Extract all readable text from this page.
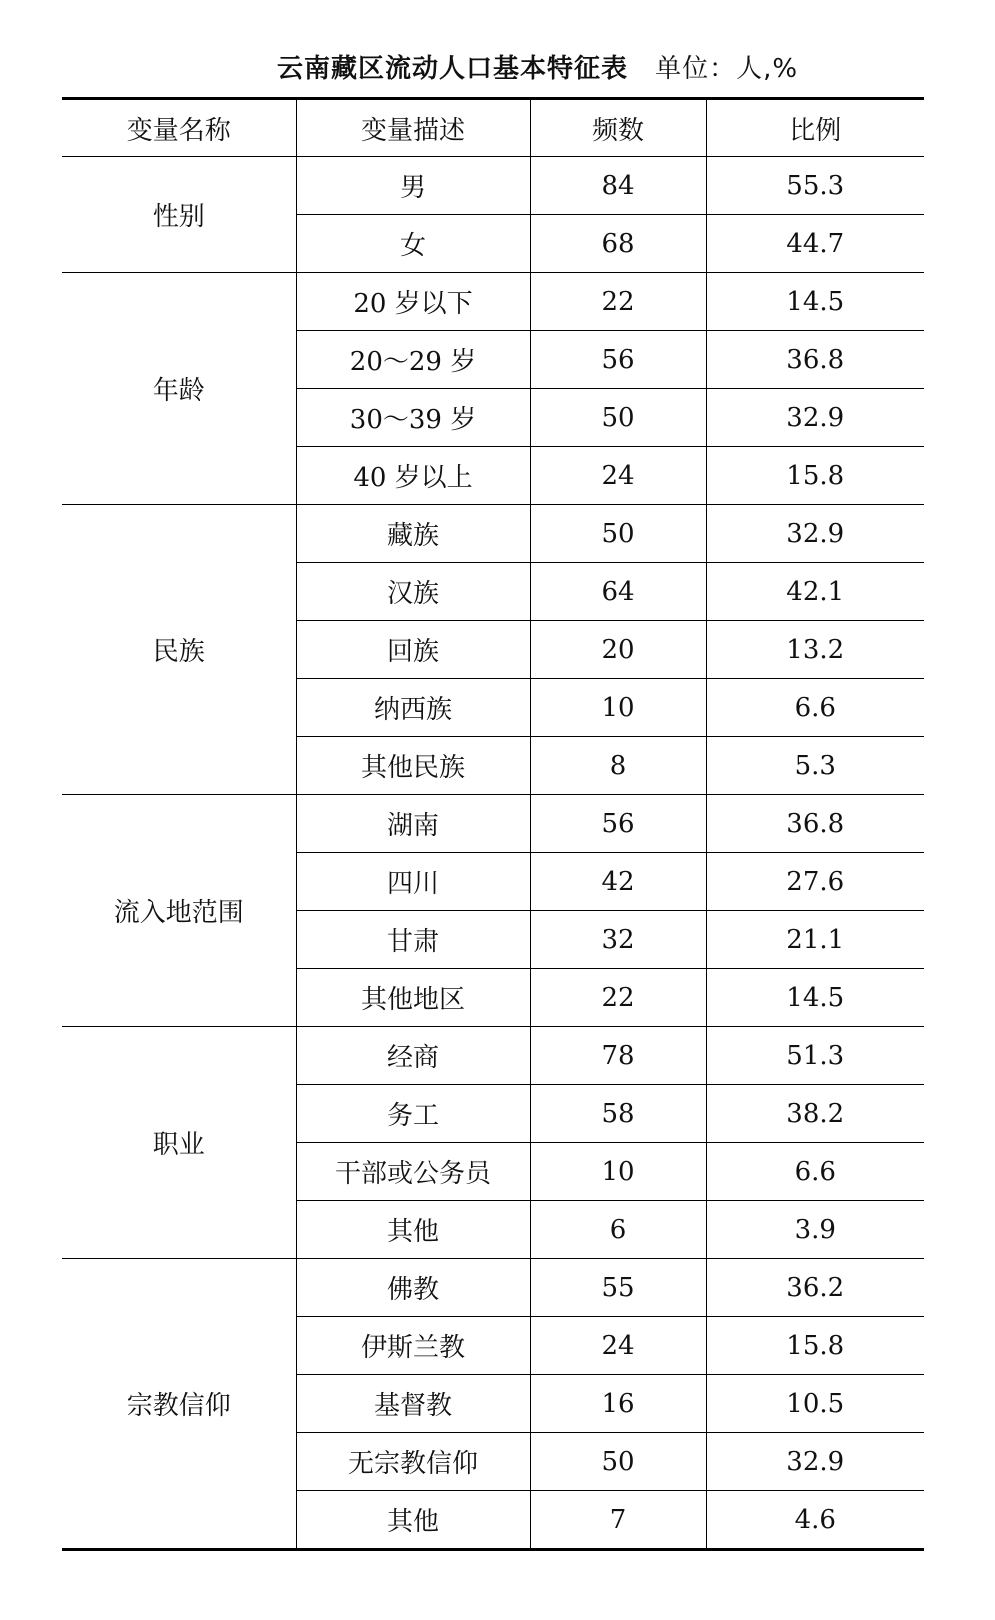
云南藏区流动人口基本特征表 单位：人,%
变量名称	变量描述	频数	比例
性别	男	84	55.3
	女	68	44.7
年龄	20 岁以下	22	14.5
	20～29 岁	56	36.8
	30～39 岁	50	32.9
	40 岁以上	24	15.8
民族	藏族	50	32.9
	汉族	64	42.1
	回族	20	13.2
	纳西族	10	6.6
	其他民族	8	5.3
流入地范围	湖南	56	36.8
	四川	42	27.6
	甘肃	32	21.1
	其他地区	22	14.5
职业	经商	78	51.3
	务工	58	38.2
	干部或公务员	10	6.6
	其他	6	3.9
宗教信仰	佛教	55	36.2
	伊斯兰教	24	15.8
	基督教	16	10.5
	无宗教信仰	50	32.9
	其他	7	4.6
